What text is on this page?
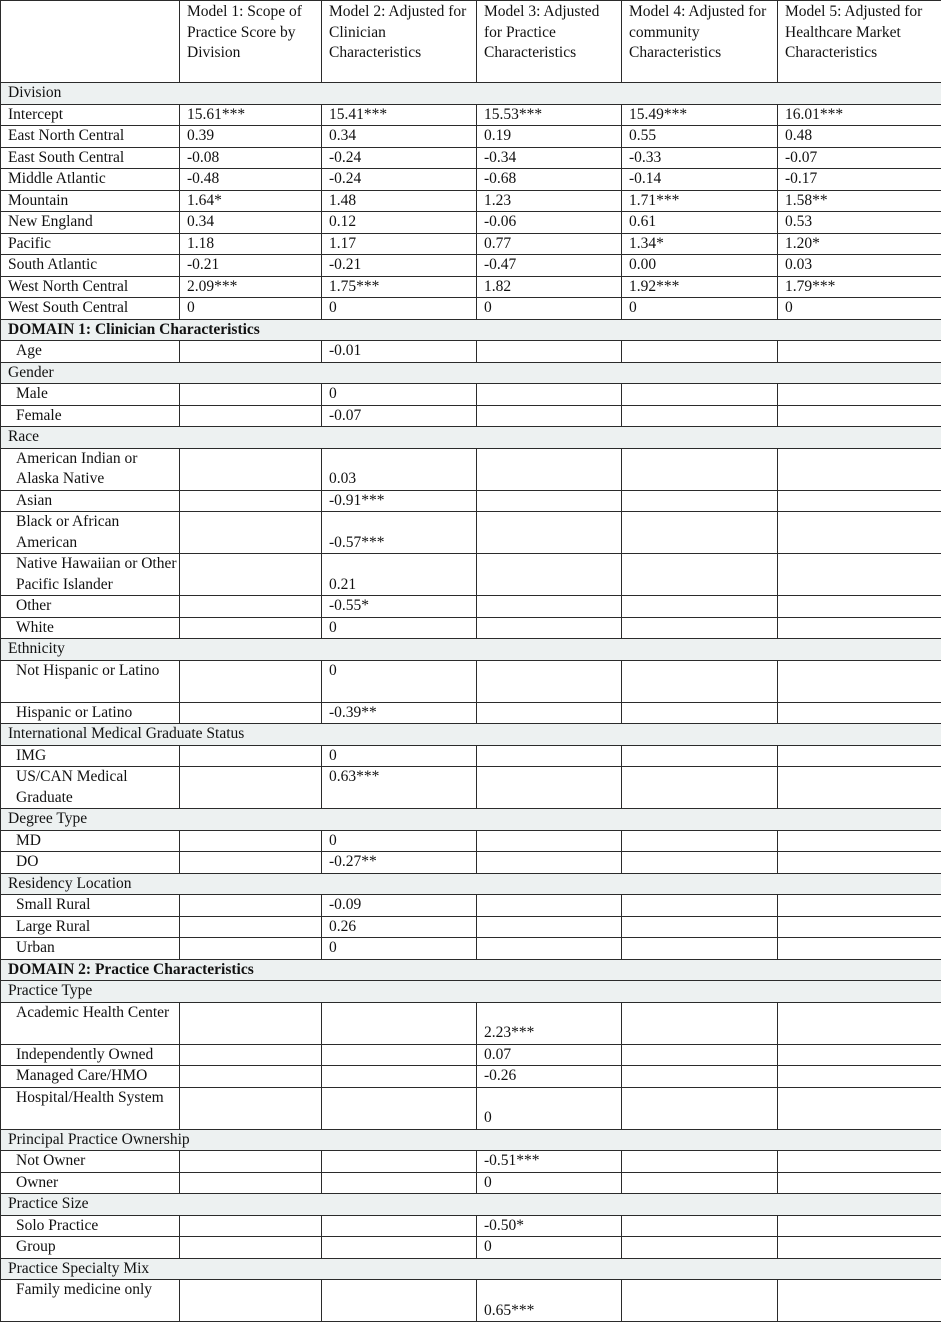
	Model 1: Scope of Practice Score by Division	Model 2: Adjusted for Clinician Characteristics	Model 3: Adjusted for Practice Characteristics	Model 4: Adjusted for community Characteristics	Model 5: Adjusted for Healthcare Market Characteristics
Division					
Intercept	15.61***	15.41***	15.53***	15.49***	16.01***
East North Central	0.39	0.34	0.19	0.55	0.48
East South Central	-0.08	-0.24	-0.34	-0.33	-0.07
Middle Atlantic	-0.48	-0.24	-0.68	-0.14	-0.17
Mountain	1.64*	1.48	1.23	1.71***	1.58**
New England	0.34	0.12	-0.06	0.61	0.53
Pacific	1.18	1.17	0.77	1.34*	1.20*
South Atlantic	-0.21	-0.21	-0.47	0.00	0.03
West North Central	2.09***	1.75***	1.82	1.92***	1.79***
West South Central	0	0	0	0	0
DOMAIN 1: Clinician Characteristics					
Age		-0.01			
Gender					
Male		0			
Female		-0.07			
Race					
American Indian or Alaska Native		0.03			
Asian		-0.91***			
Black or African American		-0.57***			
Native Hawaiian or Other Pacific Islander		0.21			
Other		-0.55*			
White		0			
Ethnicity					
Not Hispanic or Latino		0			
Hispanic or Latino		-0.39**			
International Medical Graduate Status					
IMG		0			
US/CAN Medical Graduate		0.63***			
Degree Type					
MD		0			
DO		-0.27**			
Residency Location					
Small Rural		-0.09			
Large Rural		0.26			
Urban		0			
DOMAIN 2: Practice Characteristics					
Practice Type					
Academic Health Center			2.23***		
Independently Owned			0.07		
Managed Care/HMO			-0.26		
Hospital/Health System			0		
Principal Practice Ownership					
Not Owner			-0.51***		
Owner			0		
Practice Size					
Solo Practice			-0.50*		
Group			0		
Practice Specialty Mix					
Family medicine only			0.65***		
